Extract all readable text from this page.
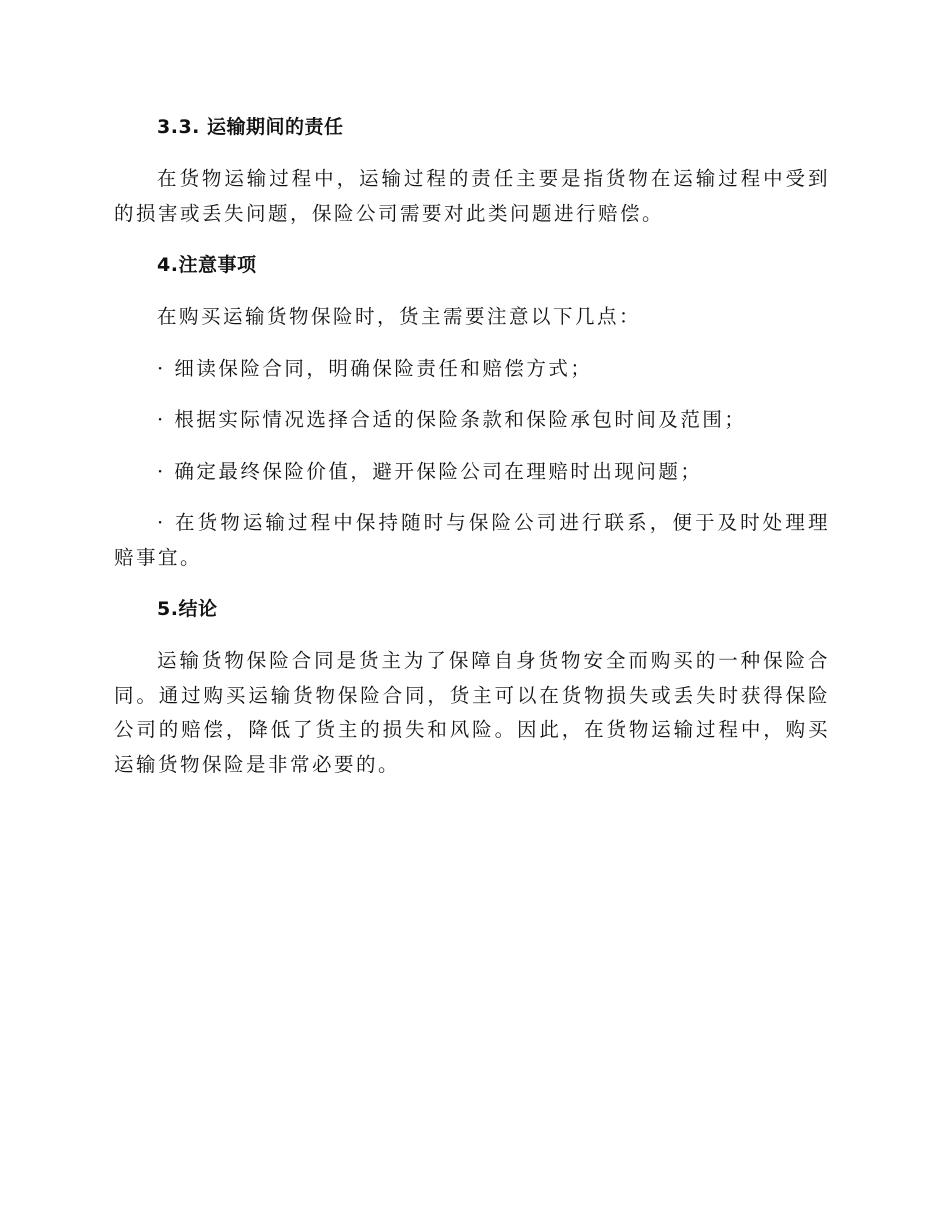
3.3. 运输期间的责任

在货物运输过程中，运输过程的责任主要是指货物在运输过程中受到的损害或丢失问题，保险公司需要对此类问题进行赔偿。

4.注意事项

在购买运输货物保险时，货主需要注意以下几点：

· 细读保险合同，明确保险责任和赔偿方式；

· 根据实际情况选择合适的保险条款和保险承包时间及范围；

· 确定最终保险价值，避开保险公司在理赔时出现问题；

· 在货物运输过程中保持随时与保险公司进行联系，便于及时处理理赔事宜。

5.结论

运输货物保险合同是货主为了保障自身货物安全而购买的一种保险合同。通过购买运输货物保险合同，货主可以在货物损失或丢失时获得保险公司的赔偿，降低了货主的损失和风险。因此，在货物运输过程中，购买运输货物保险是非常必要的。
